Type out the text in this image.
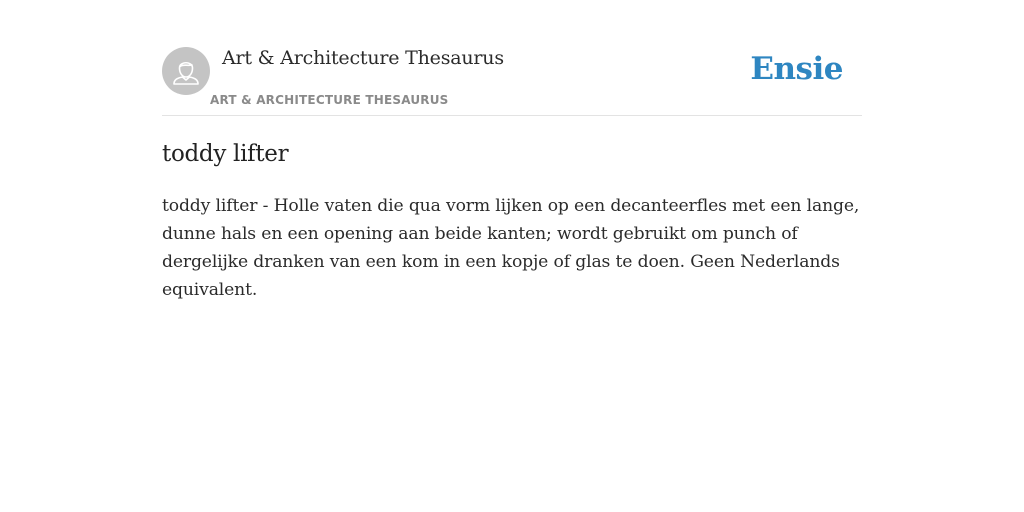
Art & Architecture Thesaurus
ART & ARCHITECTURE THESAURUS
Ensie
toddy lifter

toddy lifter - Holle vaten die qua vorm lijken op een decanteerfles met een lange, dunne hals en een opening aan beide kanten; wordt gebruikt om punch of dergelijke dranken van een kom in een kopje of glas te doen. Geen Nederlands equivalent.
